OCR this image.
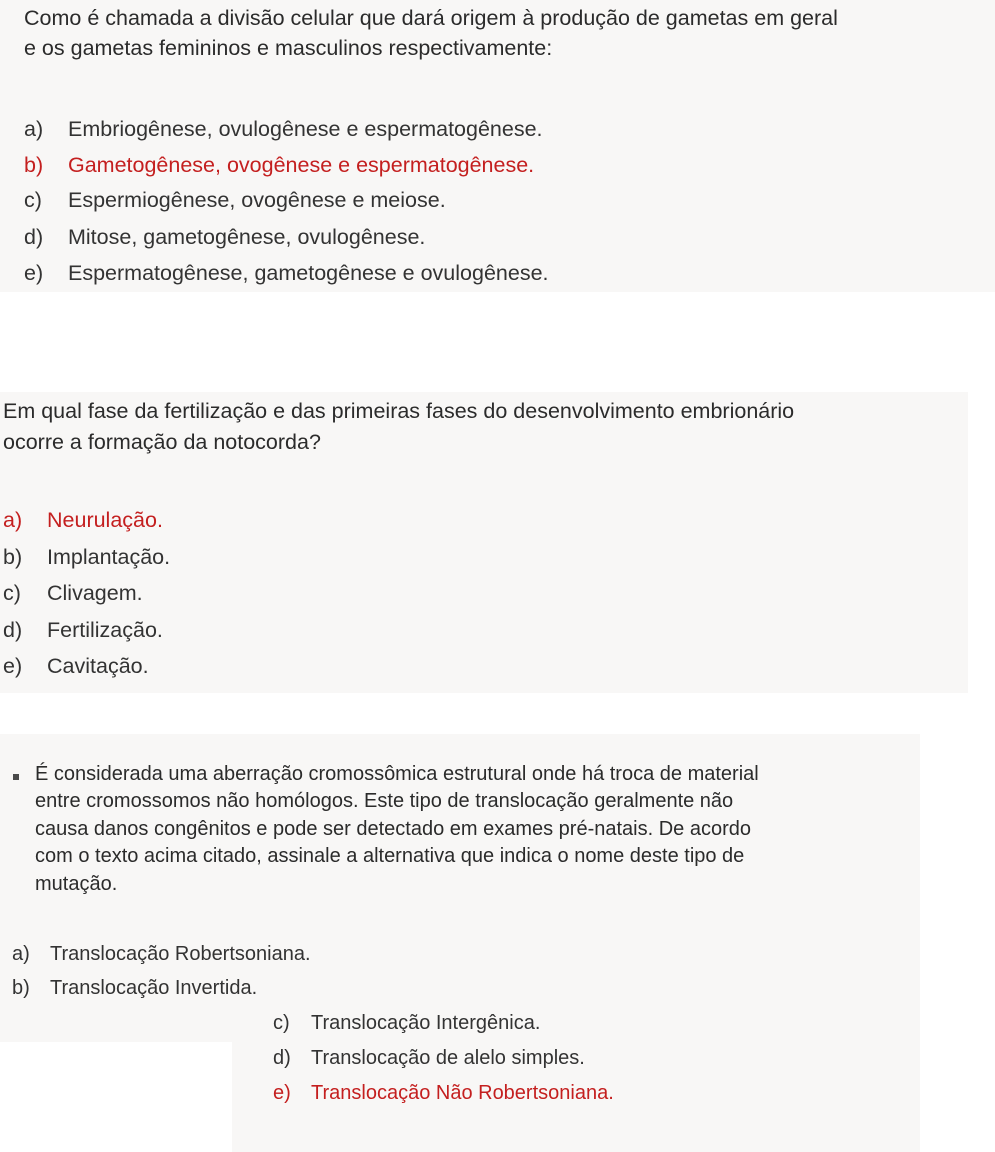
Como é chamada a divisão celular que dará origem à produção de gametas em geral

e os gametas femininos e masculinos respectivamente:

a) Embriogênese, ovulogênese e espermatogênese.

b) Gametogênese, ovogênese e espermatogênese.

c) Espermiogênese, ovogênese e meiose.

d) Mitose, gametogênese, ovulogênese.

e) Espermatogênese, gametogênese e ovulogênese.

Em qual fase da fertilização e das primeiras fases do desenvolvimento embrionário

ocorre a formação da notocorda?

a) Neurulação.

b) Implantação.

c) Clivagem.

d) Fertilização.

e) Cavitação.

É considerada uma aberração cromossômica estrutural onde há troca de material

entre cromossomos não homólogos. Este tipo de translocação geralmente não

causa danos congênitos e pode ser detectado em exames pré-natais. De acordo

com o texto acima citado, assinale a alternativa que indica o nome deste tipo de

mutação.

a) Translocação Robertsoniana.

b) Translocação Invertida.

c) Translocação Intergênica.

d) Translocação de alelo simples.

e) Translocação Não Robertsoniana.
